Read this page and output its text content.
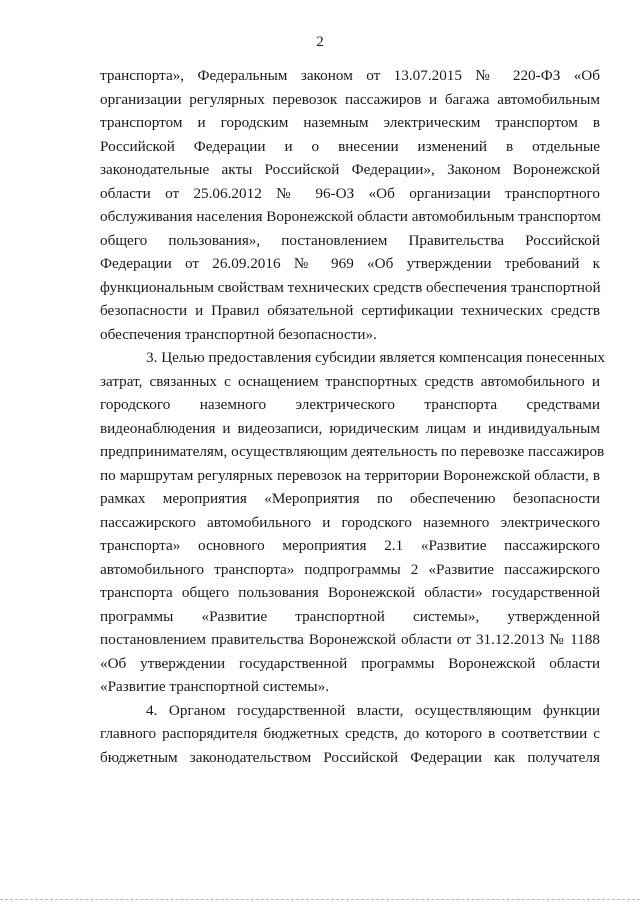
2
транспорта», Федеральным законом от 13.07.2015 № 220-ФЗ «Об
организации регулярных перевозок пассажиров и багажа автомобильным
транспортом и городским наземным электрическим транспортом в
Российской Федерации и о внесении изменений в отдельные
законодательные акты Российской Федерации», Законом Воронежской
области от 25.06.2012 № 96-ОЗ «Об организации транспортного
обслуживания населения Воронежской области автомобильным транспортом
общего пользования», постановлением Правительства Российской
Федерации от 26.09.2016 № 969 «Об утверждении требований к
функциональным свойствам технических средств обеспечения транспортной
безопасности и Правил обязательной сертификации технических средств
обеспечения транспортной безопасности».
3. Целью предоставления субсидии является компенсация понесенных
затрат, связанных с оснащением транспортных средств автомобильного и
городского наземного электрического транспорта средствами
видеонаблюдения и видеозаписи, юридическим лицам и индивидуальным
предпринимателям, осуществляющим деятельность по перевозке пассажиров
по маршрутам регулярных перевозок на территории Воронежской области, в
рамках мероприятия «Мероприятия по обеспечению безопасности
пассажирского автомобильного и городского наземного электрического
транспорта» основного мероприятия 2.1 «Развитие пассажирского
автомобильного транспорта» подпрограммы 2 «Развитие пассажирского
транспорта общего пользования Воронежской области» государственной
программы «Развитие транспортной системы», утвержденной
постановлением правительства Воронежской области от 31.12.2013 № 1188
«Об утверждении государственной программы Воронежской области
«Развитие транспортной системы».
4. Органом государственной власти, осуществляющим функции
главного распорядителя бюджетных средств, до которого в соответствии с
бюджетным законодательством Российской Федерации как получателя
